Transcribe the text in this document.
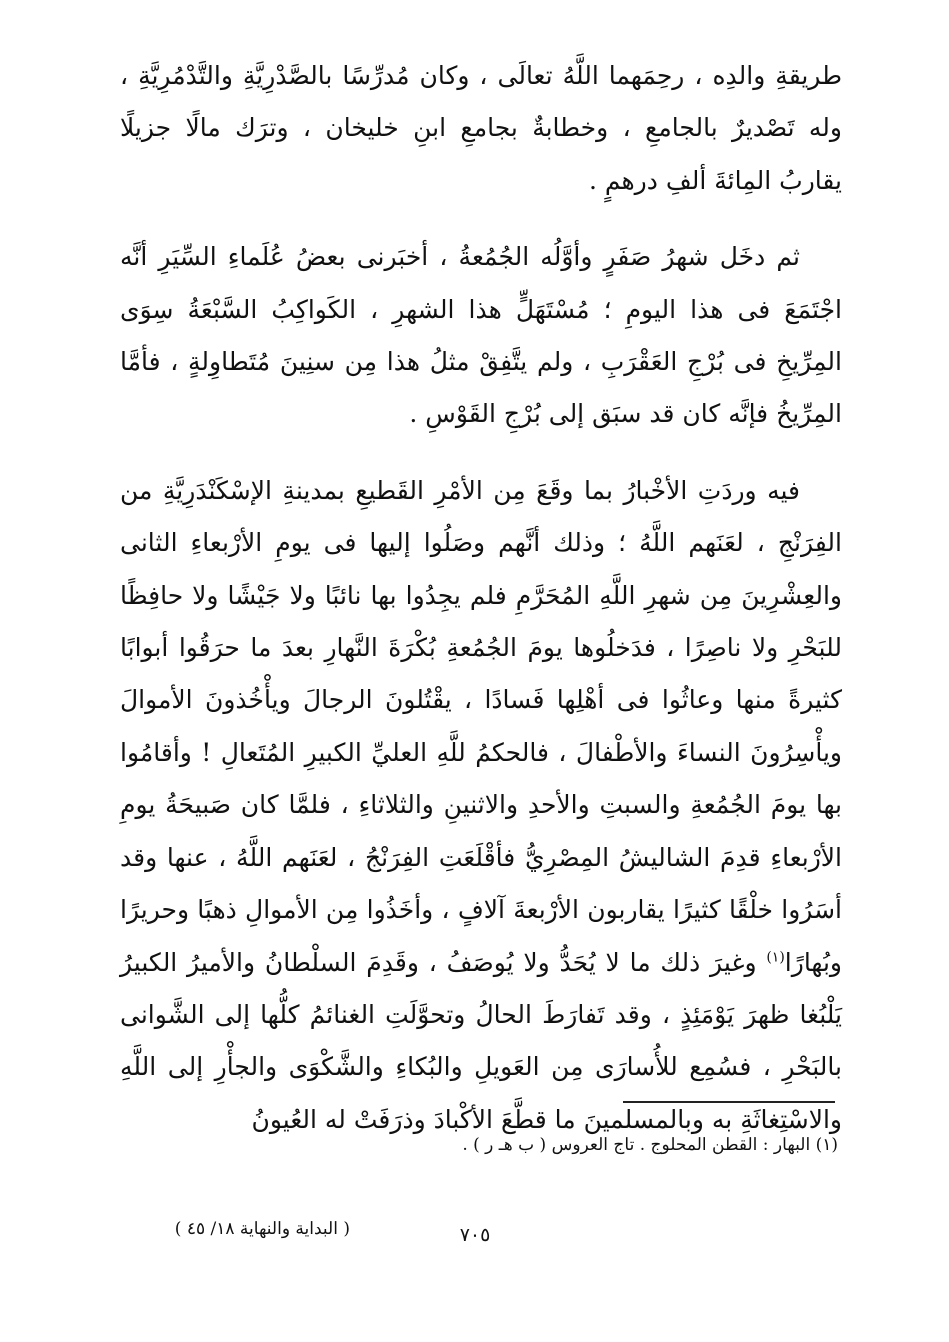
طريقةِ والدِه ، رحِمَهما اللَّهُ تعالَى ، وكان مُدرِّسًا بالصَّدْرِيَّةِ والتَّدْمُرِيَّةِ ، وله تَصْديرٌ بالجامعِ ، وخطابةٌ بجامعِ ابنِ خليخان ، وترَك مالًا جزيلًا يقاربُ المِائةَ ألفِ درهمٍ .

ثم دخَل شهرُ صَفَرٍ وأوَّلُه الجُمُعةُ ، أخبَرنى بعضُ عُلَماءِ السِّيَرِ أنَّه اجْتَمَعَ فى هذا اليومِ ؛ مُسْتَهَلٍّ هذا الشهرِ ، الكَواكِبُ السَّبْعَةُ سِوَى المِرِّيخِ فى بُرْجِ العَقْرَبِ ، ولم يتَّفِقْ مثلُ هذا مِن سنِينَ مُتَطاوِلةٍ ، فأمَّا المِرِّيخُ فإنَّه كان قد سبَق إلى بُرْجِ القَوْسِ .

فيه وردَتِ الأخْبارُ بما وقَعَ مِن الأمْرِ القَطيعِ بمدينةِ الإسْكَنْدَرِيَّةِ من الفِرَنْجِ ، لعَنَهم اللَّهُ ؛ وذلك أنَّهم وصَلُوا إليها فى يومِ الأرْبعاءِ الثانى والعِشْرِينَ مِن شهرِ اللَّهِ المُحَرَّمِ فلم يجِدُوا بها نائبًا ولا جَيْشًا ولا حافِظًا للبَحْرِ ولا ناصِرًا ، فدَخلُوها يومَ الجُمُعةِ بُكْرَةَ النَّهارِ بعدَ ما حرَقُوا أبوابًا كثيرةً منها وعاثُوا فى أهْلِها فَسادًا ، يقْتُلونَ الرجالَ ويأْخُذونَ الأموالَ ويأْسِرُونَ النساءَ والأطْفالَ ، فالحكمُ للَّهِ العليِّ الكبيرِ المُتَعالِ ! وأقامُوا بها يومَ الجُمُعةِ والسبتِ والأحدِ والاثنينِ والثلاثاءِ ، فلمَّا كان صَبيحَةُ يومِ الأرْبعاءِ قدِمَ الشاليشُ المِصْرِيُّ فأقْلَعَتِ الفِرَنْجُ ، لعَنَهم اللَّهُ ، عنها وقد أسَرُوا خلْقًا كثيرًا يقاربون الأرْبعةَ آلافٍ ، وأخَذُوا مِن الأموالِ ذهبًا وحريرًا وبُهارًا$^{(١)}$ وغيرَ ذلك ما لا يُحَدُّ ولا يُوصَفُ ، وقَدِمَ السلْطانُ والأميرُ الكبيرُ يَلْبُغا ظهرَ يَوْمَئِذٍ ، وقد تَفارَطَ الحالُ وتحوَّلَتِ الغنائمُ كلُّها إلى الشَّوانى بالبَحْرِ ، فسُمِع للأُسارَى مِن العَويلِ والبُكاءِ والشَّكْوَى والجأْرِ إلى اللَّهِ والاسْتِغاثَةِ به وبالمسلمينَ ما قطَّعَ الأكْبادَ وذرَفَتْ له العُيونُ

(١) البهار : القطن المحلوج . تاج العروس ( ب هـ ر ) .
٧٠٥
( البداية والنهاية ١٨/ ٤٥ )
